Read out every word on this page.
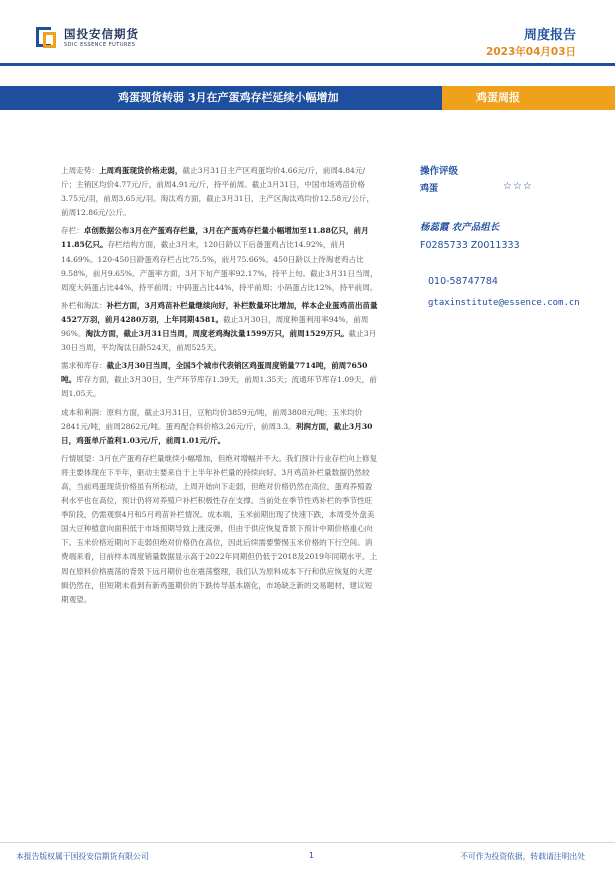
国投安信期货
SDIC ESSENCE FUTURES
周度报告
2023年04月03日
鸡蛋现货转弱 3月在产蛋鸡存栏延续小幅增加	鸡蛋周报

上周走势：上周鸡蛋现货价格走弱，截止3月31日主产区鸡蛋均价4.66元/斤，前周4.84元/斤；主销区均价4.77元/斤，前周4.91元/斤，持平前周。截止3月31日，中国市场鸡苗价格3.75元/羽，前周3.65元/羽。淘汰鸡方面，截止3月31日，主产区淘汰鸡均价12.58元/公斤，前周12.86元/公斤。

存栏：卓创数据公布3月在产蛋鸡存栏量，3月在产蛋鸡存栏量小幅增加至11.88亿只，前月11.85亿只。存栏结构方面，截止3月末，120日龄以下后备蛋鸡占比14.92%，前月14.69%。120-450日龄蛋鸡存栏占比75.5%，前月75.66%。450日龄以上待淘老鸡占比9.58%，前月9.65%。产蛋率方面，3月下旬产蛋率92.17%，持平上旬。截止3月31日当周，周度大码蛋占比44%，持平前周；中码蛋占比44%，持平前周；小码蛋占比12%，持平前周。

补栏和淘汰：补栏方面，3月鸡苗补栏量继续向好，补栏数量环比增加，样本企业蛋鸡苗出苗量4527万羽，前月4280万羽，上年同期4581。截止3月30日，周度种蛋利用率94%，前周96%。淘汰方面，截止3月31日当周，周度老鸡淘汰量1599万只，前周1529万只。截止3月30日当周，平均淘汰日龄524天，前周525天。

需求和库存：截止3月30日当周，全国5个城市代表销区鸡蛋周度销量7714吨，前周7650吨。库存方面，截止3月30日，生产环节库存1.39天，前周1.35天；流通环节库存1.09天，前周1.05天。

成本和利润：原料方面，截止3月31日，豆粕均价3859元/吨，前周3808元/吨；玉米均价2841元/吨，前周2862元/吨。蛋鸡配合料价格3.26元/斤，前周3.3。利润方面，截止3月30日，鸡蛋单斤盈利1.03元/斤，前周1.01元/斤。

行情展望：3月在产蛋鸡存栏量继续小幅增加，但绝对增幅并不大。我们预计行业存栏向上修复将主要体现在下半年，驱动主要来自于上半年补栏量的持续向好。3月鸡苗补栏量数据仍然较高，当前鸡蛋现货价格虽有所松动，上周开始向下走弱，但绝对价格仍然在高位，蛋鸡养殖盈利水平也在高位，预计仍将对养殖户补栏积极性存在支撑。当前处在季节性鸡补栏的季节性旺季阶段，仍需观察4月和5月鸡苗补栏情况。成本端，玉米前期出现了快速下跌，本周受外盘美国大豆种植意向面积低于市场预期导致上涨反弹，但由于供应恢复背景下预计中期价格重心向下。玉米价格近期向下走弱但绝对价格仍在高位，因此后续需要警惕玉米价格的下行空间。消费端来看，目前样本周度销量数据显示高于2022年同期但仍低于2018及2019年同期水平。上周在原料价格震荡的背景下远月期价也在震荡整理，我们认为原料成本下行和供应恢复的大逻辑仍然在，但短期未看到有新鸡蛋期价的下跌传导基本剧化，市场缺乏新的交易题材，建议短期观望。

操作评级
鸡蛋	☆☆☆
杨蕊霞 农产品组长
F0285733 Z0011333
010-58747784
gtaxinstitute@essence.com.cn
本报告版权属于国投安信期货有限公司	1	不可作为投资依据，转载请注明出处
